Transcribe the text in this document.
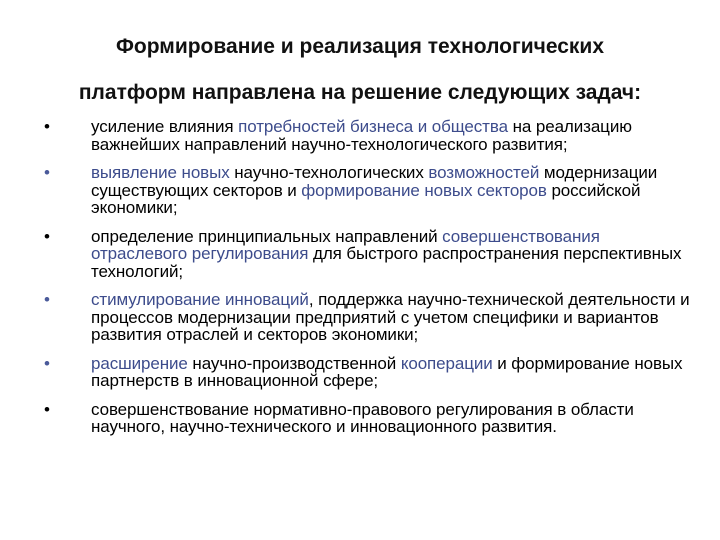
Формирование и реализация технологических
платформ направлена на решение следующих задач:
• усиление влияния потребностей бизнеса и общества на реализацию важнейших направлений научно-технологического развития;
• выявление новых научно-технологических возможностей модернизации существующих секторов и формирование новых секторов российской экономики;
• определение принципиальных направлений совершенствования отраслевого регулирования для быстрого распространения перспективных технологий;
• стимулирование инноваций, поддержка научно-технической деятельности и процессов модернизации предприятий с учетом специфики и вариантов развития отраслей и секторов экономики;
• расширение научно-производственной кооперации и формирование новых партнерств в инновационной сфере;
• совершенствование нормативно-правового регулирования в области научного, научно-технического и инновационного развития.
